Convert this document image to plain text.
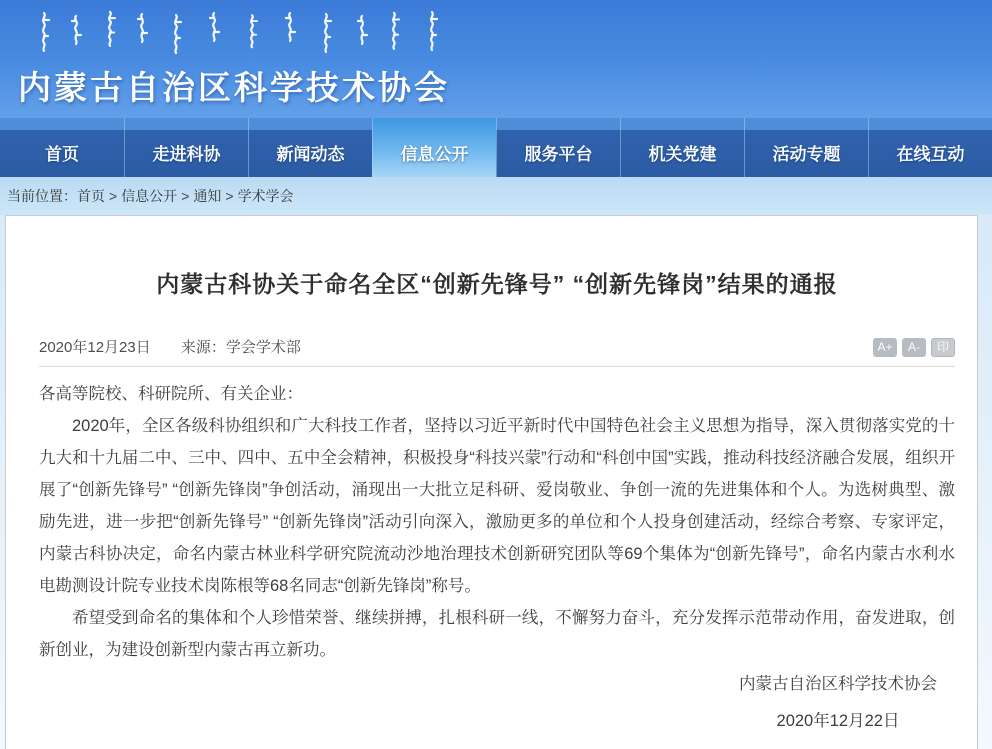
内蒙古自治区科学技术协会
首页	走进科协	新闻动态	信息公开	服务平台	机关党建	活动专题	在线互动
当前位置： 首页 > 信息公开 > 通知 > 学术学会
内蒙古科协关于命名全区“创新先锋号” “创新先锋岗”结果的通报
2020年12月23日 来源：学会学术部	A+	A-	印

各高等院校、科研院所、有关企业：

2020年，全区各级科协组织和广大科技工作者，坚持以习近平新时代中国特色社会主义思想为指导，深入贯彻落实党的十九大和十九届二中、三中、四中、五中全会精神，积极投身“科技兴蒙”行动和“科创中国”实践，推动科技经济融合发展，组织开展了“创新先锋号” “创新先锋岗”争创活动，涌现出一大批立足科研、爱岗敬业、争创一流的先进集体和个人。为选树典型、激励先进，进一步把“创新先锋号” “创新先锋岗”活动引向深入，激励更多的单位和个人投身创建活动，经综合考察、专家评定，内蒙古科协决定，命名内蒙古林业科学研究院流动沙地治理技术创新研究团队等69个集体为“创新先锋号”，命名内蒙古水利水电勘测设计院专业技术岗陈根等68名同志“创新先锋岗”称号。

希望受到命名的集体和个人珍惜荣誉、继续拼搏，扎根科研一线，不懈努力奋斗，充分发挥示范带动作用，奋发进取，创新创业，为建设创新型内蒙古再立新功。

内蒙古自治区科学技术协会
2020年12月22日
